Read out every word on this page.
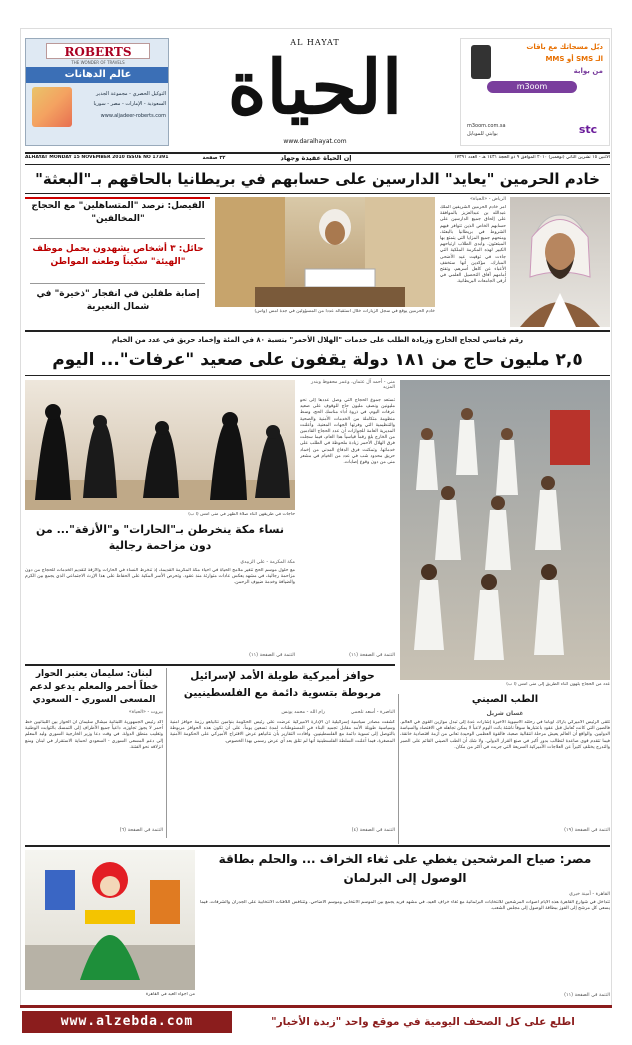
ROBERTS
THE WONDER OF TRAVELS
عالم الدهانات
التوكيل الحصري - مجموعة الجدير
السعودية - الإمارات - مصر - سوريا
www.aljadeer-roberts.com
AL HAYAT
الحياة
www.daralhayat.com
دبّل مسجاتك مع باقات
الـ SMS أو MMS
من بوابة
m3oom
m3oom.com.sa
بوابتي للموبايل	stc
ALHAYAT MONDAY 15 NOVEMBER 2010 ISSUE NO 17391	٣٢ صفحة	إن الحياة عقيدة وجهاد	الاثنين ١٥ تشرين الثاني (نوفمبر) ٢٠١٠ الموافق ٩ ذو الحجة ١٤٣١ هـ - العدد ١٧٣٩١
خادم الحرمين "يعايد" الدارسين على حسابهم في بريطانيا بالحاقهم بـ"البعثة"
الرياض - «الحياة»
أمر خادم الحرمين الشريفين الملك عبدالله بن عبدالعزيز بالموافقة على إلحاق جميع الدارسين على حسابهم الخاص الذين تتوافر فيهم الشروط في بريطانيا بالبعثة، ومنحهم جميع المزايا التي يتمتع بها المبتعثون. وأبدى الطلاب ارتياحهم الكبير لهذه المكرمة الملكية التي جاءت في توقيت عيد الأضحى المبارك، مؤكدين أنها ستخفف الأعباء عن كاهل أسرهم، وتفتح أمامهم آفاق التحصيل العلمي في أرقى الجامعات البريطانية.
خادم الحرمين يوقع في سجل الزيارات خلال استقباله عدداً من المسؤولين في جدة أمس (واس)
الفيصل: نرصد "المتساهلين" مع الحجاج "المخالفين"
حائل: ٣ أشخاص يشهدون بحمل موظف "الهيئة" سكيناً وطعنه المواطن
إصابة طفلين في انفجار "ذخيرة" في شمال النعيرية
رقم قياسي لحجاج الخارج وزيادة الطلب على خدمات "الهلال الأحمر" بنسبة ٨٠ في المئة وإخماد حريق في عدد من الخيام
٢,٥ مليون حاج من ١٨١ دولة يقفون على صعيد "عرفات"... اليوم
حاجات في طريقهن أثناء صلاة الظهر في منى أمس (أ ب)
منى - أحمد آل عثمان، وعمر محفوظ وبندر المزيد
تستعد جموع الحجاج التي وصل عددها إلى نحو مليونين ونصف مليون حاج للوقوف على صعيد عرفات اليوم، في ذروة أداء مناسك الحج، وسط منظومة متكاملة من الخدمات الأمنية والصحية والتنظيمية التي وفرتها الجهات المعنية. وأعلنت المديرية العامة للجوازات أن عدد الحجاج القادمين من الخارج بلغ رقماً قياسياً هذا العام، فيما سجلت فرق الهلال الأحمر زيادة ملحوظة في الطلب على خدماتها. وتمكنت فرق الدفاع المدني من إخماد حريق محدود شب في عدد من الخيام في مشعر منى من دون وقوع إصابات.
التتمة في الصفحة (١١)
عدد من الحجاج يلهون أثناء الطريق إلى منى أمس (أ ب)
نساء مكة ينخرطن بـ"الحارات" و"الأزقة"... من دون مزاحمة رجالية
مكة المكرمة - علي الزبيدي
مع حلول موسم الحج تتغير ملامح الحياة في أحياء مكة المكرمة القديمة، إذ تنخرط النساء في الحارات والأزقة لتقديم الخدمات للحجاج من دون مزاحمة رجالية، في مشهد يعكس عادات متوارثة منذ عقود. وتحرص الأسر المكية على الحفاظ على هذا الإرث الاجتماعي الذي يجمع بين الكرم والضيافة وخدمة ضيوف الرحمن.
التتمة في الصفحة (١١)
حوافز أميركية طويلة الأمد لإسرائيل مربوطة بتسوية دائمة مع الفلسطينيين
الناصرة - أسعد تلحمي
رام الله - محمد يونس
كشفت مصادر سياسية إسرائيلية أن الإدارة الأميركية عرضت على رئيس الحكومة بنيامين نتانياهو رزمة حوافز أمنية وسياسية طويلة الأمد مقابل تجميد البناء في المستوطنات لمدة تسعين يوماً، على أن تكون هذه الحوافز مربوطة بالتوصل إلى تسوية دائمة مع الفلسطينيين. وأفادت التقارير بأن نتانياهو عرض الاقتراح الأميركي على الحكومة الأمنية المصغرة، فيما أعلنت السلطة الفلسطينية أنها لم تتلق بعد أي عرض رسمي بهذا الخصوص.
التتمة في الصفحة (٤)
لبنان: سليمان يعتبر الحوار خطاً أحمر والمعلم يدعو لدعم المسعى السوري - السعودي
بيروت - «الحياة»
أكد رئيس الجمهورية اللبنانية ميشال سليمان أن الحوار بين اللبنانيين خط أحمر لا يجوز تجاوزه، داعياً جميع الأطراف إلى التمسك بالثوابت الوطنية وتغليب منطق الدولة. في وقت دعا وزير الخارجية السوري وليد المعلم إلى دعم المسعى السوري - السعودي لحماية الاستقرار في لبنان ومنع انزلاقه نحو الفتنة.
التتمة في الصفحة (٦)
الطب الصيني
غسان شربل
تلقى الرئيس الأميركي باراك أوباما في رحلته الآسيوية الأخيرة إشارات عدة إلى تبدل موازين القوى في العالم. فالصين التي كانت تُعامل قبل عقود باعتبارها سوقاً ناشئة باتت اليوم لاعباً لا يمكن تجاهله في الاقتصاد والسياسة الدوليين. والواقع أن العالم يعيش مرحلة انتقالية صعبة، فالقوة العظمى الوحيدة تعاني من أزمة اقتصادية خانقة، فيما تتقدم قوى صاعدة لتطالب بدور أكبر في صنع القرار الدولي. ولا شك أن الطب الصيني القائم على الصبر والتدرج يختلف كثيراً عن العلاجات الأميركية السريعة التي جربت في أكثر من مكان.
التتمة في الصفحة (١٩)
مصر: صياح المرشحين يغطي على ثغاء الخراف ... والحلم بطاقة الوصول إلى البرلمان
القاهرة - أمينة خيري
تتداخل في شوارع القاهرة هذه الأيام أصوات المرشحين للانتخابات البرلمانية مع ثغاء خراف العيد، في مشهد فريد يجمع بين الموسم الانتخابي وموسم الأضاحي. وتتنافس اللافتات الانتخابية على الجدران والشرفات، فيما يسعى كل مرشح إلى الفوز ببطاقة الوصول إلى مجلس الشعب.
التتمة في الصفحة (١١)
من أجواء العيد في القاهرة
www.alzebda.com	اطلع على كل الصحف اليومية في موقع واحد "زبدة الأخبار"
